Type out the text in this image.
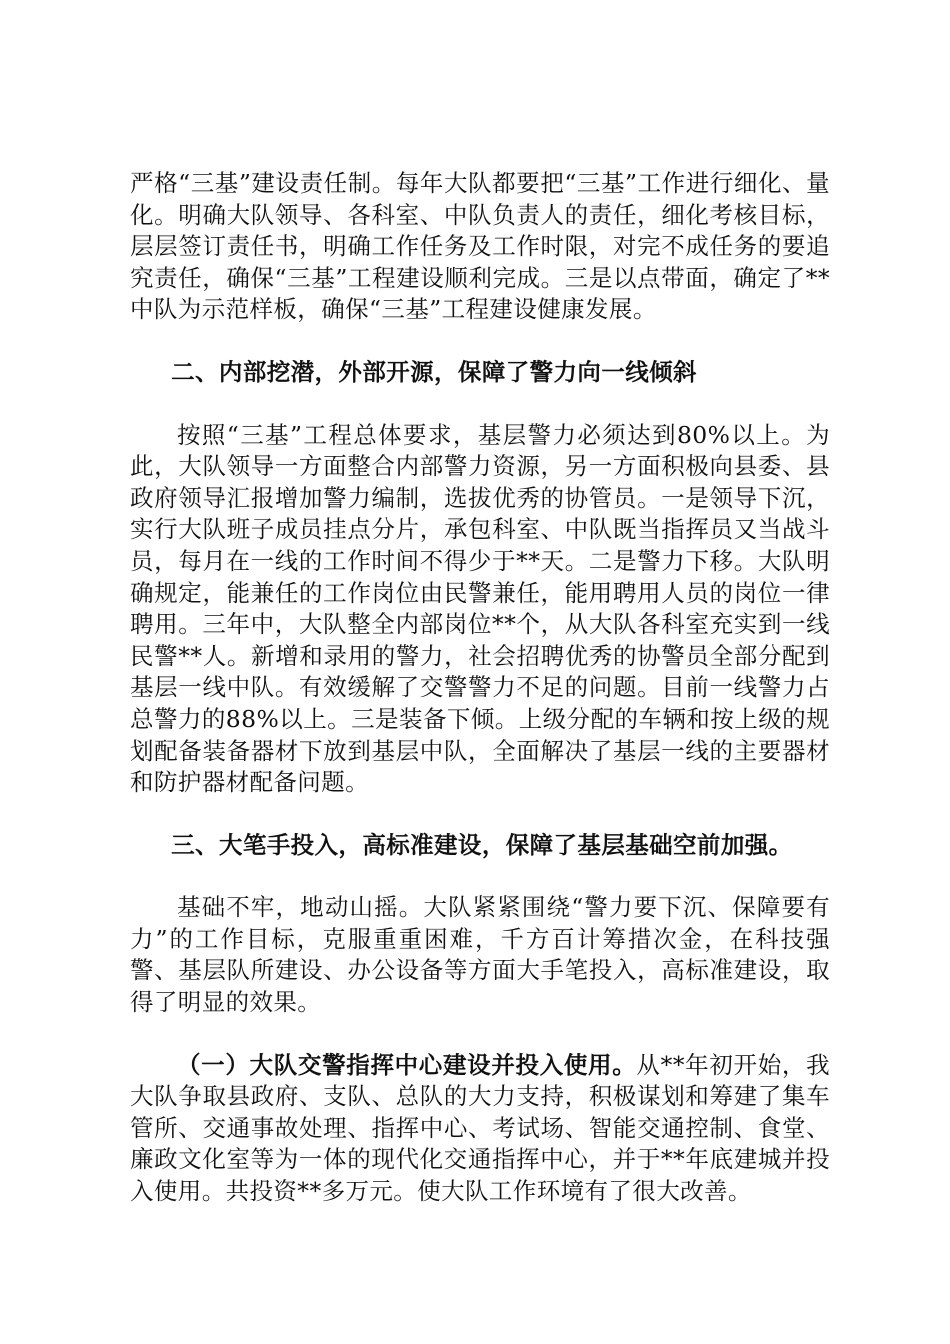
严格“三基”建设责任制。每年大队都要把“三基”工作进行细化、量化。明确大队领导、各科室、中队负责人的责任，细化考核目标，层层签订责任书，明确工作任务及工作时限，对完不成任务的要追究责任，确保“三基”工程建设顺利完成。三是以点带面，确定了**中队为示范样板，确保“三基”工程建设健康发展。

二、内部挖潜，外部开源，保障了警力向一线倾斜

按照“三基”工程总体要求，基层警力必须达到80%以上。为此，大队领导一方面整合内部警力资源，另一方面积极向县委、县政府领导汇报增加警力编制，选拔优秀的协管员。一是领导下沉，实行大队班子成员挂点分片，承包科室、中队既当指挥员又当战斗员，每月在一线的工作时间不得少于**天。二是警力下移。大队明确规定，能兼任的工作岗位由民警兼任，能用聘用人员的岗位一律聘用。三年中，大队整全内部岗位**个，从大队各科室充实到一线民警**人。新增和录用的警力，社会招聘优秀的协警员全部分配到基层一线中队。有效缓解了交警警力不足的问题。目前一线警力占总警力的88%以上。三是装备下倾。上级分配的车辆和按上级的规划配备装备器材下放到基层中队，全面解决了基层一线的主要器材和防护器材配备问题。

三、大笔手投入，高标准建设，保障了基层基础空前加强。

基础不牢，地动山摇。大队紧紧围绕“警力要下沉、保障要有力”的工作目标，克服重重困难，千方百计筹措次金，在科技强警、基层队所建设、办公设备等方面大手笔投入，高标准建设，取得了明显的效果。

（一）大队交警指挥中心建设并投入使用。从**年初开始，我大队争取县政府、支队、总队的大力支持，积极谋划和筹建了集车管所、交通事故处理、指挥中心、考试场、智能交通控制、食堂、廉政文化室等为一体的现代化交通指挥中心，并于**年底建城并投入使用。共投资**多万元。使大队工作环境有了很大改善。
